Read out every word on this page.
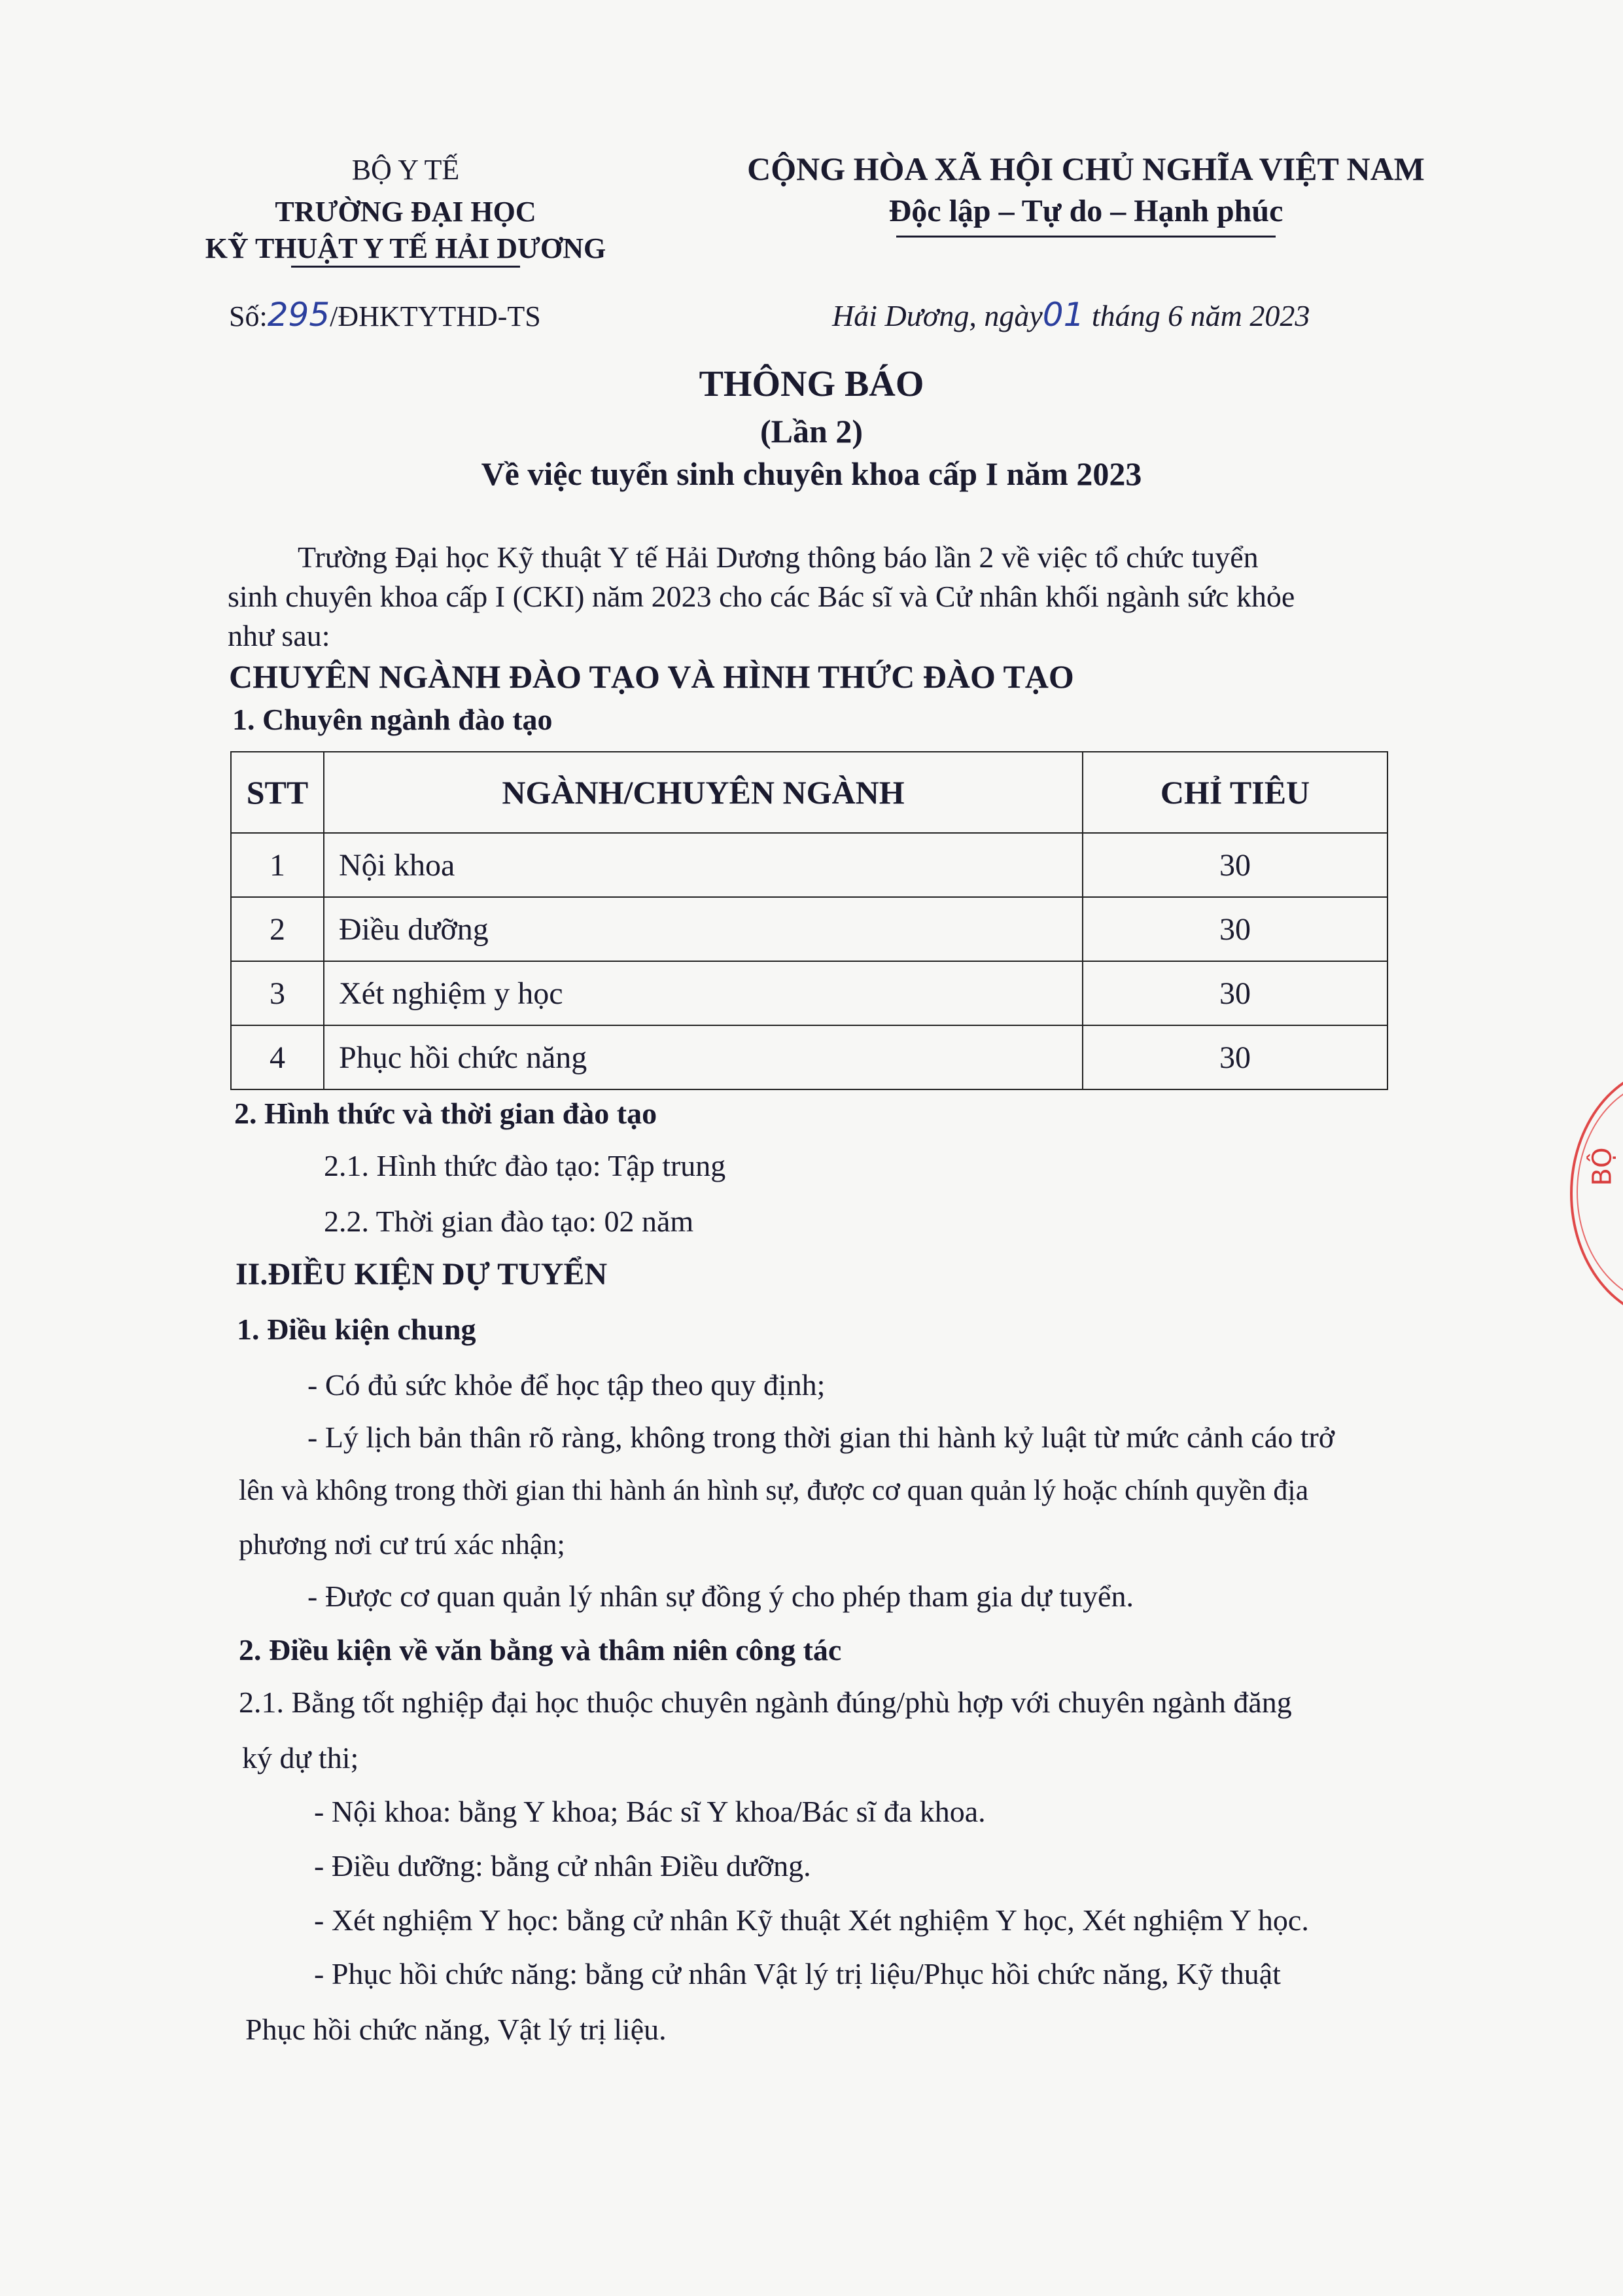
BỘ Y TẾ
TRƯỜNG ĐẠI HỌC
KỸ THUẬT Y TẾ HẢI DƯƠNG
Số:295/ĐHKTYTHD-TS
CỘNG HÒA XÃ HỘI CHỦ NGHĨA VIỆT NAM
Độc lập – Tự do – Hạnh phúc
Hải Dương, ngày01 tháng 6 năm 2023
THÔNG BÁO
(Lần 2)
Về việc tuyển sinh chuyên khoa cấp I năm 2023
Trường Đại học Kỹ thuật Y tế Hải Dương thông báo lần 2 về việc tổ chức tuyển
sinh chuyên khoa cấp I (CKI) năm 2023 cho các Bác sĩ và Cử nhân khối ngành sức khỏe
như sau:
CHUYÊN NGÀNH ĐÀO TẠO VÀ HÌNH THỨC ĐÀO TẠO
1. Chuyên ngành đào tạo
STT	NGÀNH/CHUYÊN NGÀNH	CHỈ TIÊU
1	Nội khoa	30
2	Điều dưỡng	30
3	Xét nghiệm y học	30
4	Phục hồi chức năng	30
2. Hình thức và thời gian đào tạo
2.1. Hình thức đào tạo: Tập trung
2.2. Thời gian đào tạo: 02 năm
II.ĐIỀU KIỆN DỰ TUYỂN
1. Điều kiện chung
- Có đủ sức khỏe để học tập theo quy định;
- Lý lịch bản thân rõ ràng, không trong thời gian thi hành kỷ luật từ mức cảnh cáo trở
lên và không trong thời gian thi hành án hình sự, được cơ quan quản lý hoặc chính quyền địa
phương nơi cư trú xác nhận;
- Được cơ quan quản lý nhân sự đồng ý cho phép tham gia dự tuyển.
2. Điều kiện về văn bằng và thâm niên công tác
2.1. Bằng tốt nghiệp đại học thuộc chuyên ngành đúng/phù hợp với chuyên ngành đăng
ký dự thi;
- Nội khoa: bằng Y khoa; Bác sĩ Y khoa/Bác sĩ đa khoa.
- Điều dưỡng: bằng cử nhân Điều dưỡng.
- Xét nghiệm Y học: bằng cử nhân Kỹ thuật Xét nghiệm Y học, Xét nghiệm Y học.
- Phục hồi chức năng: bằng cử nhân Vật lý trị liệu/Phục hồi chức năng, Kỹ thuật
Phục hồi chức năng, Vật lý trị liệu.
BỘ
